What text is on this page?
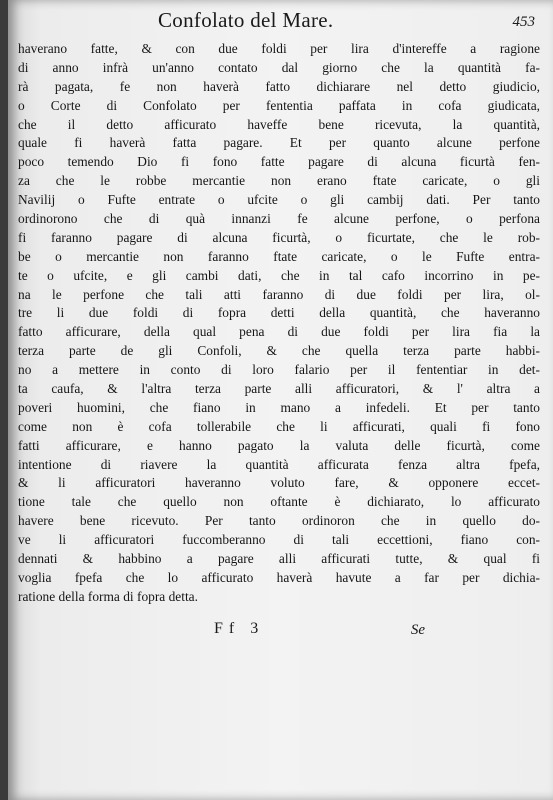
Confolato del Mare.	453
haverano fatte, & con due foldi per lira d'intereffe a ragione
di anno infrà un'anno contato dal giorno che la quantità fa-
rà pagata, fe non haverà fatto dichiarare nel detto giudicio,
o Corte di Confolato per fententia paffata in cofa giudicata,
che il detto afficurato haveffe bene ricevuta, la quantità,
quale fi haverà fatta pagare. Et per quanto alcune perfone
poco temendo Dio fi fono fatte pagare di alcuna ficurtà fen-
za che le robbe mercantie non erano ftate caricate, o gli
Navilij o Fufte entrate o ufcite o gli cambij dati. Per tanto
ordinorono che di quà innanzi fe alcune perfone, o perfona
fi faranno pagare di alcuna ficurtà, o ficurtate, che le rob-
be o mercantie non faranno ftate caricate, o le Fufte entra-
te o ufcite, e gli cambi dati, che in tal cafo incorrino in pe-
na le perfone che tali atti faranno di due foldi per lira, ol-
tre li due foldi di fopra detti della quantità, che haveranno
fatto afficurare, della qual pena di due foldi per lira fia la
terza parte de gli Confoli, & che quella terza parte habbi-
no a mettere in conto di loro falario per il fententiar in det-
ta caufa, & l'altra terza parte alli afficuratori, & l' altra a
poveri huomini, che fiano in mano a infedeli. Et per tanto
come non è cofa tollerabile che li afficurati, quali fi fono
fatti afficurare, e hanno pagato la valuta delle ficurtà, come
intentione di riavere la quantità afficurata fenza altra fpefa,
& li afficuratori haveranno voluto fare, & opponere eccet-
tione tale che quello non oftante è dichiarato, lo afficurato
havere bene ricevuto. Per tanto ordinoron che in quello do-
ve li afficuratori fuccomberanno di tali eccettioni, fiano con-
dennati & habbino a pagare alli afficurati tutte, & qual fi
voglia fpefa che lo afficurato haverà havute a far per dichia-
ratione della forma di fopra detta.
Ff 3	Se
